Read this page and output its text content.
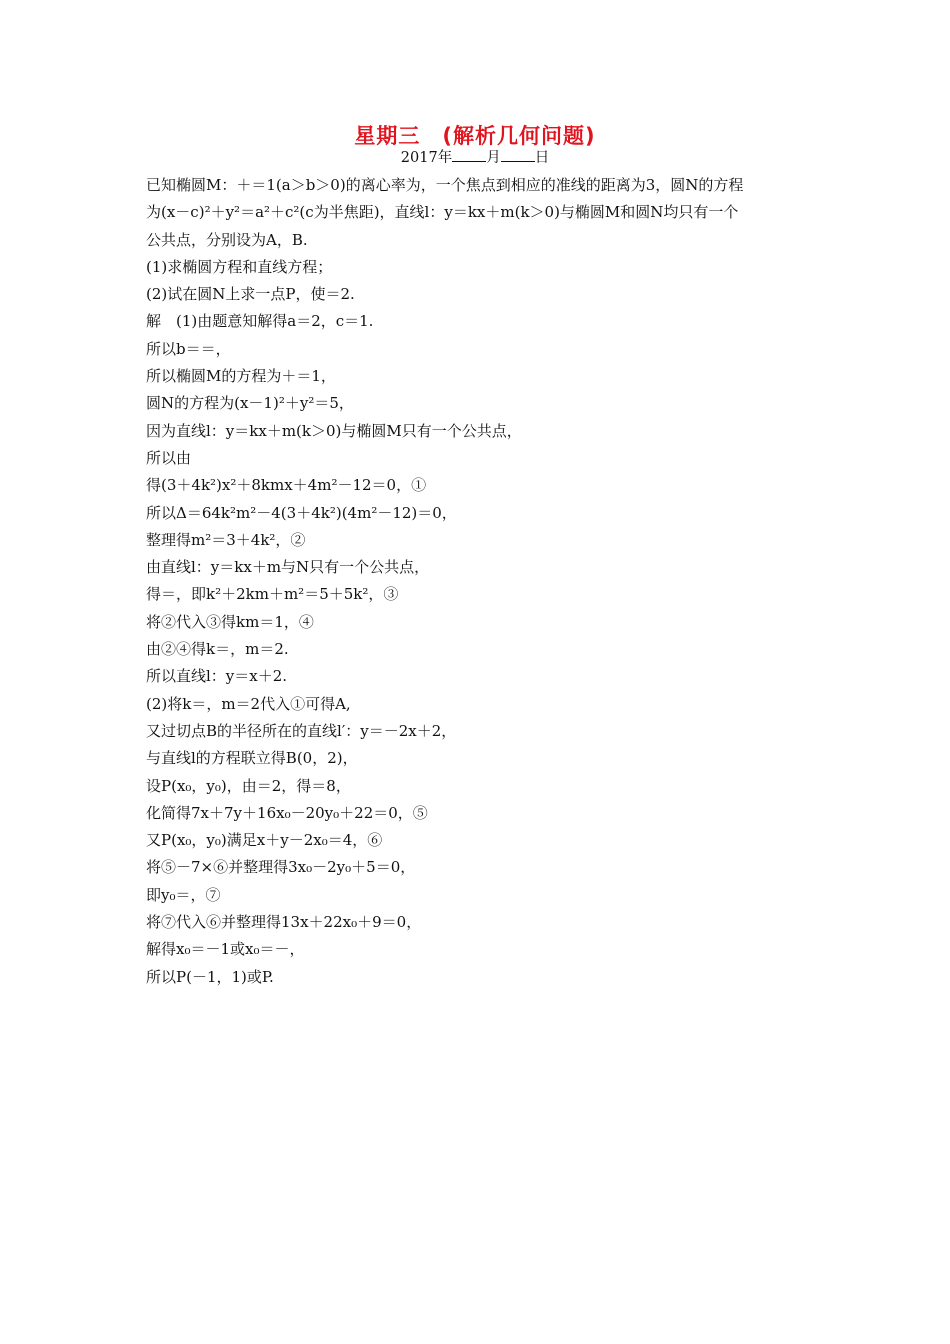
星期三　(解析几何问题)
2017年 月 日
已知椭圆M：＋＝1(a＞b＞0)的离心率为，一个焦点到相应的准线的距离为3，圆N的方程
为(x－c)²＋y²＝a²＋c²(c为半焦距)，直线l：y＝kx＋m(k＞0)与椭圆M和圆N均只有一个
公共点，分别设为A，B.
(1)求椭圆方程和直线方程；
(2)试在圆N上求一点P，使＝2.
解　(1)由题意知解得a＝2，c＝1.
所以b＝＝，
所以椭圆M的方程为＋＝1，
圆N的方程为(x－1)²＋y²＝5，
因为直线l：y＝kx＋m(k＞0)与椭圆M只有一个公共点，
所以由
得(3＋4k²)x²＋8kmx＋4m²－12＝0，①
所以Δ＝64k²m²－4(3＋4k²)(4m²－12)＝0，
整理得m²＝3＋4k²，②
由直线l：y＝kx＋m与N只有一个公共点，
得＝，即k²＋2km＋m²＝5＋5k²，③
将②代入③得km＝1，④
由②④得k＝，m＝2.
所以直线l：y＝x＋2.
(2)将k＝，m＝2代入①可得A,
又过切点B的半径所在的直线l′：y＝－2x＋2，
与直线l的方程联立得B(0，2)，
设P(x₀，y₀)，由＝2，得＝8，
化简得7x＋7y＋16x₀－20y₀＋22＝0，⑤
又P(x₀，y₀)满足x＋y－2x₀＝4，⑥
将⑤－7×⑥并整理得3x₀－2y₀＋5＝0，
即y₀＝，⑦
将⑦代入⑥并整理得13x＋22x₀＋9＝0，
解得x₀＝－1或x₀＝－，
所以P(－1，1)或P.
